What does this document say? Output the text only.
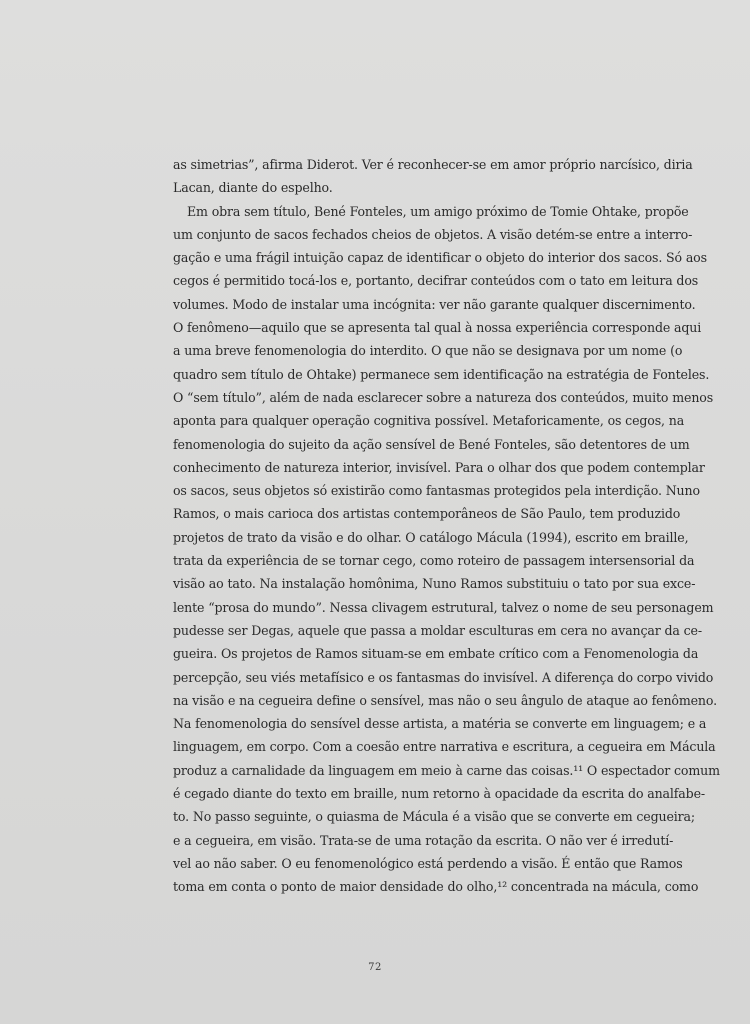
as simetrias”, afirma Diderot. Ver é reconhecer-se em amor próprio narcísico, diria
Lacan, diante do espelho.
Em obra sem título, Bené Fonteles, um amigo próximo de Tomie Ohtake, propõe
um conjunto de sacos fechados cheios de objetos. A visão detém-se entre a interro-
gação e uma frágil intuição capaz de identificar o objeto do interior dos sacos. Só aos
cegos é permitido tocá-los e, portanto, decifrar conteúdos com o tato em leitura dos
volumes. Modo de instalar uma incógnita: ver não garante qualquer discernimento.
O fenômeno—aquilo que se apresenta tal qual à nossa experiência corresponde aqui
a uma breve fenomenologia do interdito. O que não se designava por um nome (o
quadro sem título de Ohtake) permanece sem identificação na estratégia de Fonteles.
O “sem título”, além de nada esclarecer sobre a natureza dos conteúdos, muito menos
aponta para qualquer operação cognitiva possível. Metaforicamente, os cegos, na
fenomenologia do sujeito da ação sensível de Bené Fonteles, são detentores de um
conhecimento de natureza interior, invisível. Para o olhar dos que podem contemplar
os sacos, seus objetos só existirão como fantasmas protegidos pela interdição. Nuno
Ramos, o mais carioca dos artistas contemporâneos de São Paulo, tem produzido
projetos de trato da visão e do olhar. O catálogo Mácula (1994), escrito em braille,
trata da experiência de se tornar cego, como roteiro de passagem intersensorial da
visão ao tato. Na instalação homônima, Nuno Ramos substituiu o tato por sua exce-
lente “prosa do mundo”. Nessa clivagem estrutural, talvez o nome de seu personagem
pudesse ser Degas, aquele que passa a moldar esculturas em cera no avançar da ce-
gueira. Os projetos de Ramos situam-se em embate crítico com a Fenomenologia da
percepção, seu viés metafísico e os fantasmas do invisível. A diferença do corpo vivido
na visão e na cegueira define o sensível, mas não o seu ângulo de ataque ao fenômeno.
Na fenomenologia do sensível desse artista, a matéria se converte em linguagem; e a
linguagem, em corpo. Com a coesão entre narrativa e escritura, a cegueira em Mácula
produz a carnalidade da linguagem em meio à carne das coisas.¹¹ O espectador comum
é cegado diante do texto em braille, num retorno à opacidade da escrita do analfabe-
to. No passo seguinte, o quiasma de Mácula é a visão que se converte em cegueira;
e a cegueira, em visão. Trata-se de uma rotação da escrita. O não ver é irredutí-
vel ao não saber. O eu fenomenológico está perdendo a visão. É então que Ramos
toma em conta o ponto de maior densidade do olho,¹² concentrada na mácula, como
72
